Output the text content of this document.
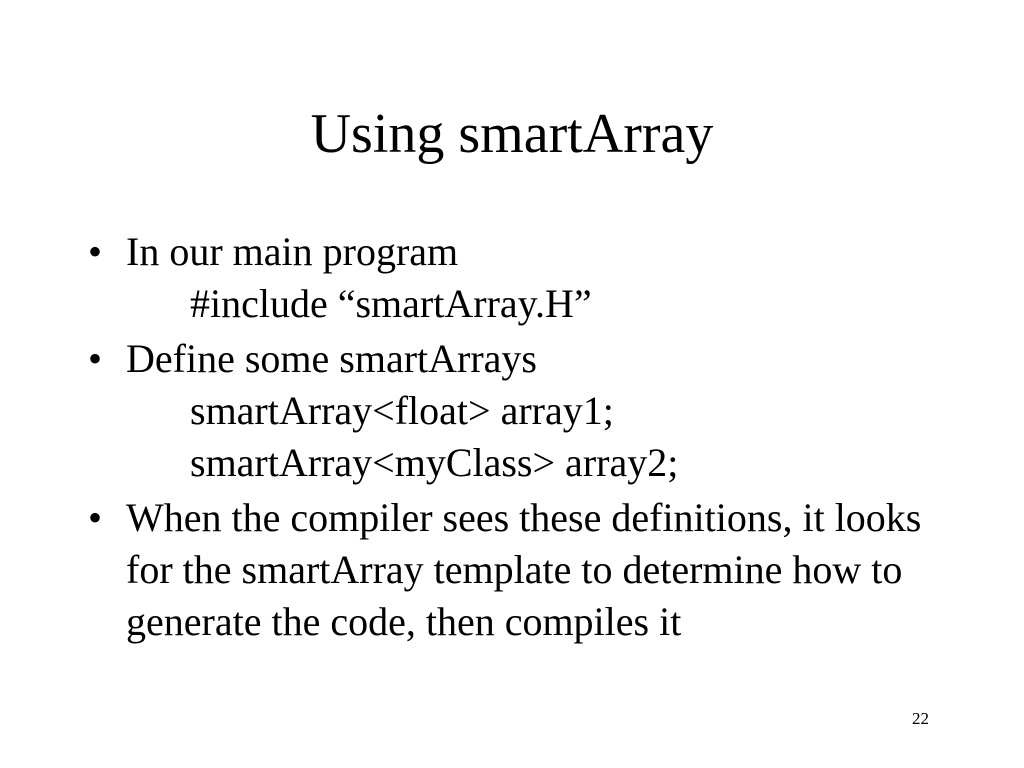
Using smartArray
• In our main program
#include “smartArray.H”
• Define some smartArrays
smartArray<float> array1;
smartArray<myClass> array2;
• When the compiler sees these definitions, it looks for the smartArray template to determine how to generate the code, then compiles it
22
